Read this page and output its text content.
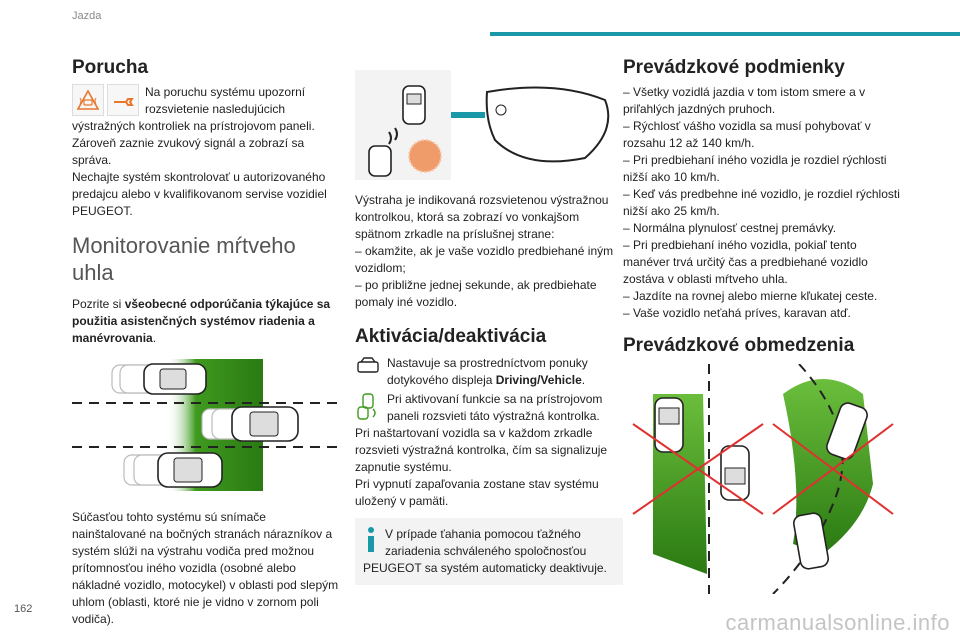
Jazda
Porucha

Na poruchu systému upozorní rozsvietenie nasledujúcich výstražných kontroliek na prístrojovom paneli. Zároveň zaznie zvukový signál a zobrazí sa správa.

Nechajte systém skontrolovať u autorizovaného predajcu alebo v kvalifikovanom servise vozidiel PEUGEOT.

Monitorovanie mŕtveho uhla

Pozrite si všeobecné odporúčania týkajúce sa použitia asistenčných systémov riadenia a manévrovania.

Súčasťou tohto systému sú snímače nainštalované na bočných stranách nárazníkov a systém slúži na výstrahu vodiča pred možnou prítomnosťou iného vozidla (osobné alebo nákladné vozidlo, motocykel) v oblasti pod slepým uhlom (oblasti, ktoré nie je vidno v zornom poli vodiča).

Výstraha je indikovaná rozsvietenou výstražnou kontrolkou, ktorá sa zobrazí vo vonkajšom spätnom zrkadle na príslušnej strane:

– okamžite, ak je vaše vozidlo predbiehané iným vozidlom;

– po približne jednej sekunde, ak predbiehate pomaly iné vozidlo.

Aktivácia/deaktivácia

Nastavuje sa prostredníctvom ponuky dotykového displeja Driving/Vehicle.

Pri aktivovaní funkcie sa na prístrojovom paneli rozsvieti táto výstražná kontrolka.

Pri naštartovaní vozidla sa v každom zrkadle rozsvieti výstražná kontrolka, čím sa signalizuje zapnutie systému.

Pri vypnutí zapaľovania zostane stav systému uložený v pamäti.

V prípade ťahania pomocou ťažného zariadenia schváleného spoločnosťou PEUGEOT sa systém automaticky deaktivuje.

Prevádzkové podmienky

– Všetky vozidlá jazdia v tom istom smere a v priľahlých jazdných pruhoch.

– Rýchlosť vášho vozidla sa musí pohybovať v rozsahu 12 až 140 km/h.

– Pri predbiehaní iného vozidla je rozdiel rýchlosti nižší ako 10 km/h.

– Keď vás predbehne iné vozidlo, je rozdiel rýchlosti nižší ako 25 km/h.

– Normálna plynulosť cestnej premávky.

– Pri predbiehaní iného vozidla, pokiaľ tento manéver trvá určitý čas a predbiehané vozidlo zostáva v oblasti mŕtveho uhla.

– Jazdíte na rovnej alebo mierne kľukatej ceste.

– Vaše vozidlo neťahá príves, karavan atď.

Prevádzkové obmedzenia
162
carmanualsonline.info
